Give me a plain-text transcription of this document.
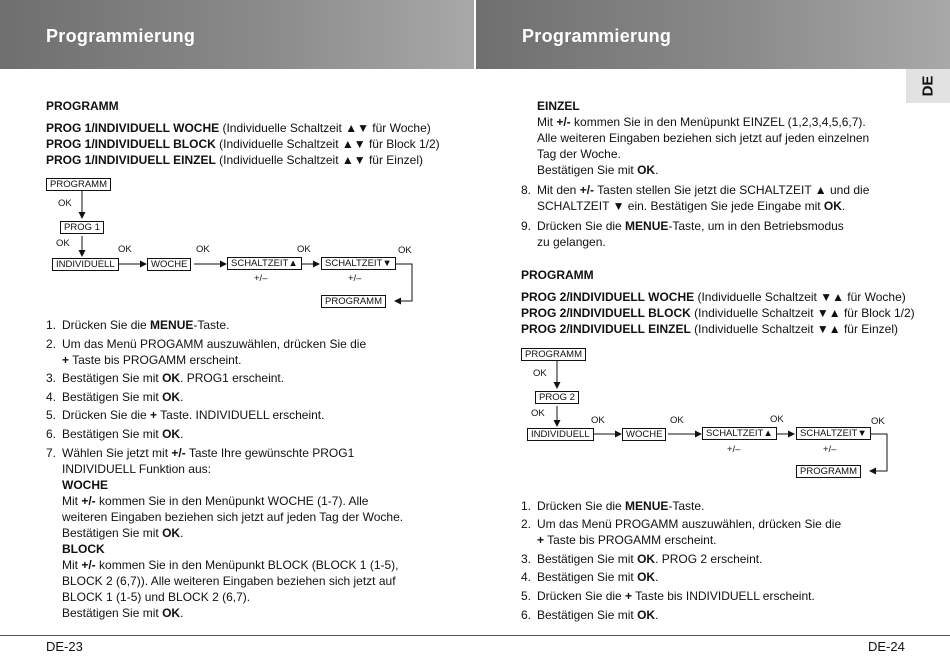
Programmierung	Programmierung
DE

PROGRAMM

PROG 1/INDIVIDUELL WOCHE (Individuelle Schaltzeit ▲▼ für Woche)

PROG 1/INDIVIDUELL BLOCK (Individuelle Schaltzeit ▲▼ für Block 1/2)

PROG 1/INDIVIDUELL EINZEL (Individuelle Schaltzeit ▲▼ für Einzel)

PROGRAMM
OK
PROG 1
OK
INDIVIDUELL
OK
WOCHE
OK
SCHALTZEIT▲
+/–
OK
SCHALTZEIT▼
+/–
OK
PROGRAMM
1. Drücken Sie die MENUE-Taste.
2. Um das Menü PROGAMM auszuwählen, drücken Sie die
+ Taste bis PROGAMM erscheint.
3. Bestätigen Sie mit OK. PROG1 erscheint.
4. Bestätigen Sie mit OK.
5. Drücken Sie die + Taste. INDIVIDUELL erscheint.
6. Bestätigen Sie mit OK.
7. Wählen Sie jetzt mit +/- Taste Ihre gewünschte PROG1
INDIVIDUELL Funktion aus:
WOCHE
Mit +/- kommen Sie in den Menüpunkt WOCHE (1-7). Alle
weiteren Eingaben beziehen sich jetzt auf jeden Tag der Woche.
Bestätigen Sie mit OK.
BLOCK
Mit +/- kommen Sie in den Menüpunkt BLOCK (BLOCK 1 (1-5),
BLOCK 2 (6,7)). Alle weiteren Eingaben beziehen sich jetzt auf
BLOCK 1 (1-5) und BLOCK 2 (6,7).
Bestätigen Sie mit OK.
EINZEL
Mit +/- kommen Sie in den Menüpunkt EINZEL (1,2,3,4,5,6,7).
Alle weiteren Eingaben beziehen sich jetzt auf jeden einzelnen
Tag der Woche.
Bestätigen Sie mit OK.
8. Mit den +/- Tasten stellen Sie jetzt die SCHALTZEIT ▲ und die
SCHALTZEIT ▼ ein. Bestätigen Sie jede Eingabe mit OK.
9. Drücken Sie die MENUE-Taste, um in den Betriebsmodus
zu gelangen.

PROGRAMM

PROG 2/INDIVIDUELL WOCHE (Individuelle Schaltzeit ▼▲ für Woche)

PROG 2/INDIVIDUELL BLOCK (Individuelle Schaltzeit ▼▲ für Block 1/2)

PROG 2/INDIVIDUELL EINZEL (Individuelle Schaltzeit ▼▲ für Einzel)

PROGRAMM
OK
PROG 2
OK
INDIVIDUELL
OK
WOCHE
OK
SCHALTZEIT▲
+/–
OK
SCHALTZEIT▼
+/–
OK
PROGRAMM
1. Drücken Sie die MENUE-Taste.
2. Um das Menü PROGAMM auszuwählen, drücken Sie die
+ Taste bis PROGAMM erscheint.
3. Bestätigen Sie mit OK. PROG 2 erscheint.
4. Bestätigen Sie mit OK.
5. Drücken Sie die + Taste bis INDIVIDUELL erscheint.
6. Bestätigen Sie mit OK.
DE-23	DE-24
